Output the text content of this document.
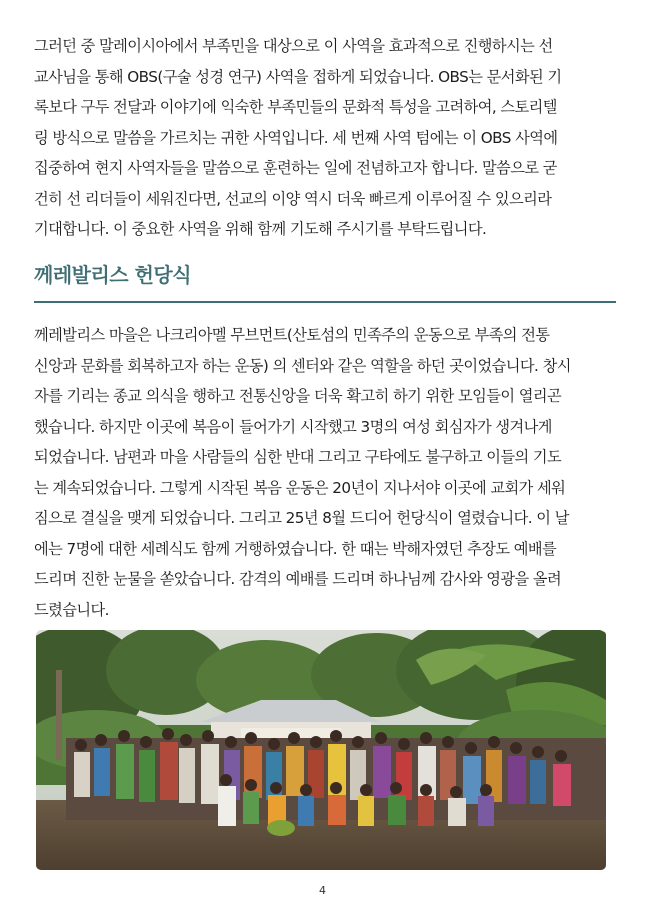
그러던 중 말레이시아에서 부족민을 대상으로 이 사역을 효과적으로 진행하시는 선
교사님을 통해 OBS(구술 성경 연구) 사역을 접하게 되었습니다. OBS는 문서화된 기
록보다 구두 전달과 이야기에 익숙한 부족민들의 문화적 특성을 고려하여, 스토리텔
링 방식으로 말씀을 가르치는 귀한 사역입니다. 세 번째 사역 텀에는 이 OBS 사역에
집중하여 현지 사역자들을 말씀으로 훈련하는 일에 전념하고자 합니다. 말씀으로 굳
건히 선 리더들이 세워진다면, 선교의 이양 역시 더욱 빠르게 이루어질 수 있으리라
기대합니다. 이 중요한 사역을 위해 함께 기도해 주시기를 부탁드립니다.
께레발리스 헌당식
께레발리스 마을은 나크리아멜 무브먼트(산토섬의 민족주의 운동으로 부족의 전통
신앙과 문화를 회복하고자 하는 운동) 의 센터와 같은 역할을 하던 곳이었습니다. 창시
자를 기리는 종교 의식을 행하고 전통신앙을 더욱 확고히 하기 위한 모임들이 열리곤
했습니다. 하지만 이곳에 복음이 들어가기 시작했고 3명의 여성 회심자가 생겨나게
되었습니다. 남편과 마을 사람들의 심한 반대 그리고 구타에도 불구하고 이들의 기도
는 계속되었습니다. 그렇게 시작된 복음 운동은 20년이 지나서야 이곳에 교회가 세워
짐으로 결실을 맺게 되었습니다. 그리고 25년 8월 드디어 헌당식이 열렸습니다. 이 날
에는 7명에 대한 세례식도 함께 거행하였습니다. 한 때는 박해자였던 추장도 예배를
드리며 진한 눈물을 쏟았습니다. 감격의 예배를 드리며 하나님께 감사와 영광을 올려
드렸습니다.
4
